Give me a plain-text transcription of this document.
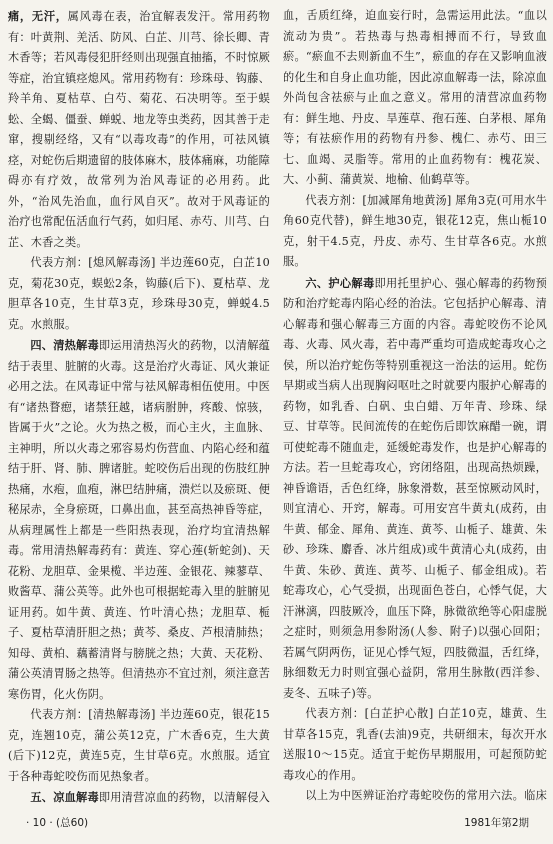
痛，无汗，属风毒在表，治宜解表发汗。常用药物有：叶黄荆、羌活、防风、白芷、川芎、徐长卿、青木香等；若风毒侵犯肝经则出现强直抽搐，不时惊厥等症，治宜镇痉熄风。常用药物有：珍珠母、钩藤、羚羊角、夏枯草、白芍、菊花、石决明等。至于蜈蚣、全蝎、僵蚕、蝉蜕、地龙等虫类药，因其善于走窜，搜剔经络，又有“以毒攻毒”的作用，可祛风镇痉，对蛇伤后期遗留的肢体麻木，肢体痛麻，功能障碍亦有疗效，故常列为治风毒证的必用药。此外，“治风先治血，血行风自灭”。故对于风毒证的治疗也常配伍活血行气药，如归尾、赤芍、川芎、白芷、木香之类。

代表方剂：[熄风解毒汤] 半边莲60克，白芷10克，菊花30克，蜈蚣2条，钩藤(后下)、夏枯草、龙胆草各10克，生甘草3克，珍珠母30克，蝉蜕4.5克。水煎服。

四、清热解毒即运用清热泻火的药物，以清解蕴结于表里、脏腑的火毒。这是治疗火毒证、风火兼证必用之法。在风毒证中常与祛风解毒相伍使用。中医有“诸热瞀瘛，诸禁狂越，诸病胕肿，疼酸、惊骇，皆属于火”之论。火为热之极，而心主火，主血脉、主神明，所以火毒之邪容易灼伤营血、内陷心经和蕴结于肝、肾、肺、脾诸脏。蛇咬伤后出现的伤肢红肿热痛，水疱，血疱，淋巴结肿痛，溃烂以及瘀斑、便秘尿赤，全身瘀斑，口鼻出血，甚至高热神昏等症，从病理属性上都是一些阳热表现，治疗均宜清热解毒。常用清热解毒药有：黄连、穿心莲(斩蛇剑)、天花粉、龙胆草、金果榄、半边莲、金银花、辣蓼草、败酱草、蒲公英等。此外也可根据蛇毒入里的脏腑见证用药。如牛黄、黄连、竹叶清心热；龙胆草、栀子、夏枯草清肝胆之热；黄芩、桑皮、芦根清肺热；知母、黄柏、藕蓄清肾与膀胱之热；大黄、天花粉、蒲公英清胃肠之热等。但清热亦不宜过剂，须注意苦寒伤胃，化火伤阴。

代表方剂：[清热解毒汤] 半边莲60克，银花15克，连翘10克，蒲公英12克，广木香6克，生大黄(后下)12克，黄连5克，生甘草6克。水煎服。适宜于各种毒蛇咬伤而见热象者。

五、凉血解毒即用清营凉血的药物，以清解侵入

血，舌质红绛，迫血妄行时，急需运用此法。“血以流动为贵”。若热毒与热毒相搏而不行，导致血瘀。“瘀血不去则新血不生”，瘀血的存在又影响血液的化生和自身止血功能，因此凉血解毒一法，除凉血外尚包含祛瘀与止血之意义。常用的清营凉血药物有：鲜生地、丹皮、旱莲草、孢石莲、白茅根、犀角等；有祛瘀作用的药物有丹参、槐仁、赤芍、田三七、血竭、灵脂等。常用的止血药物有：槐花炭、大、小蓟、蒲黄炭、地榆、仙鹤草等。

代表方剂：[加减犀角地黄汤] 犀角3克(可用水牛角60克代替)，鲜生地30克，银花12克，焦山栀10克，射干4.5克，丹皮、赤芍、生甘草各6克。水煎服。

六、护心解毒即用托里护心、强心解毒的药物预防和治疗蛇毒内陷心经的治法。它包括护心解毒、清心解毒和强心解毒三方面的内容。毒蛇咬伤不论风毒、火毒、风火毒，若中毒严重均可造成蛇毒攻心之侯，所以治疗蛇伤等特别重视这一治法的运用。蛇伤早期或当病人出现胸闷呕吐之时就要内服护心解毒的药物，如乳香、白矾、虫白蜡、万年青、珍珠、绿豆、甘草等。民间流传的在蛇伤后即饮麻醋一碗，谓可使蛇毒不随血走，延缓蛇毒发作，也是护心解毒的方法。若一旦蛇毒攻心，窍闭络阻，出现高热烦躁，神昏谵语，舌色红绛，脉象滑数，甚至惊厥动风时，则宜清心、开窍，解毒。可用安宫牛黄丸(成药，由牛黄、郁金、犀角、黄连、黄芩、山栀子、雄黄、朱砂、珍珠、麝香、冰片组成)或牛黄清心丸(成药，由牛黄、朱砂、黄连、黄芩、山栀子、郁金组成)。若蛇毒攻心，心气受损，出现面色苍白，心悸气促，大汗淋漓，四肢厥冷，血压下降，脉微欲绝等心阳虚脱之症时，则须急用参附汤(人参、附子)以强心回阳；若属气阴两伤，证见心悸气短，四肢微温，舌红绛，脉细数无力时则宜强心益阴，常用生脉散(西洋参、麦冬、五味子)等。

代表方剂：[白芷护心散] 白芷10克，雄黄、生甘草各15克，乳香(去油)9克，共研细末，每次开水送服10～15克。适宜于蛇伤早期服用，可起预防蛇毒攻心的作用。

以上为中医辨证治疗毒蛇咬伤的常用六法。临床

· 10 · (总60)	1981年第2期
